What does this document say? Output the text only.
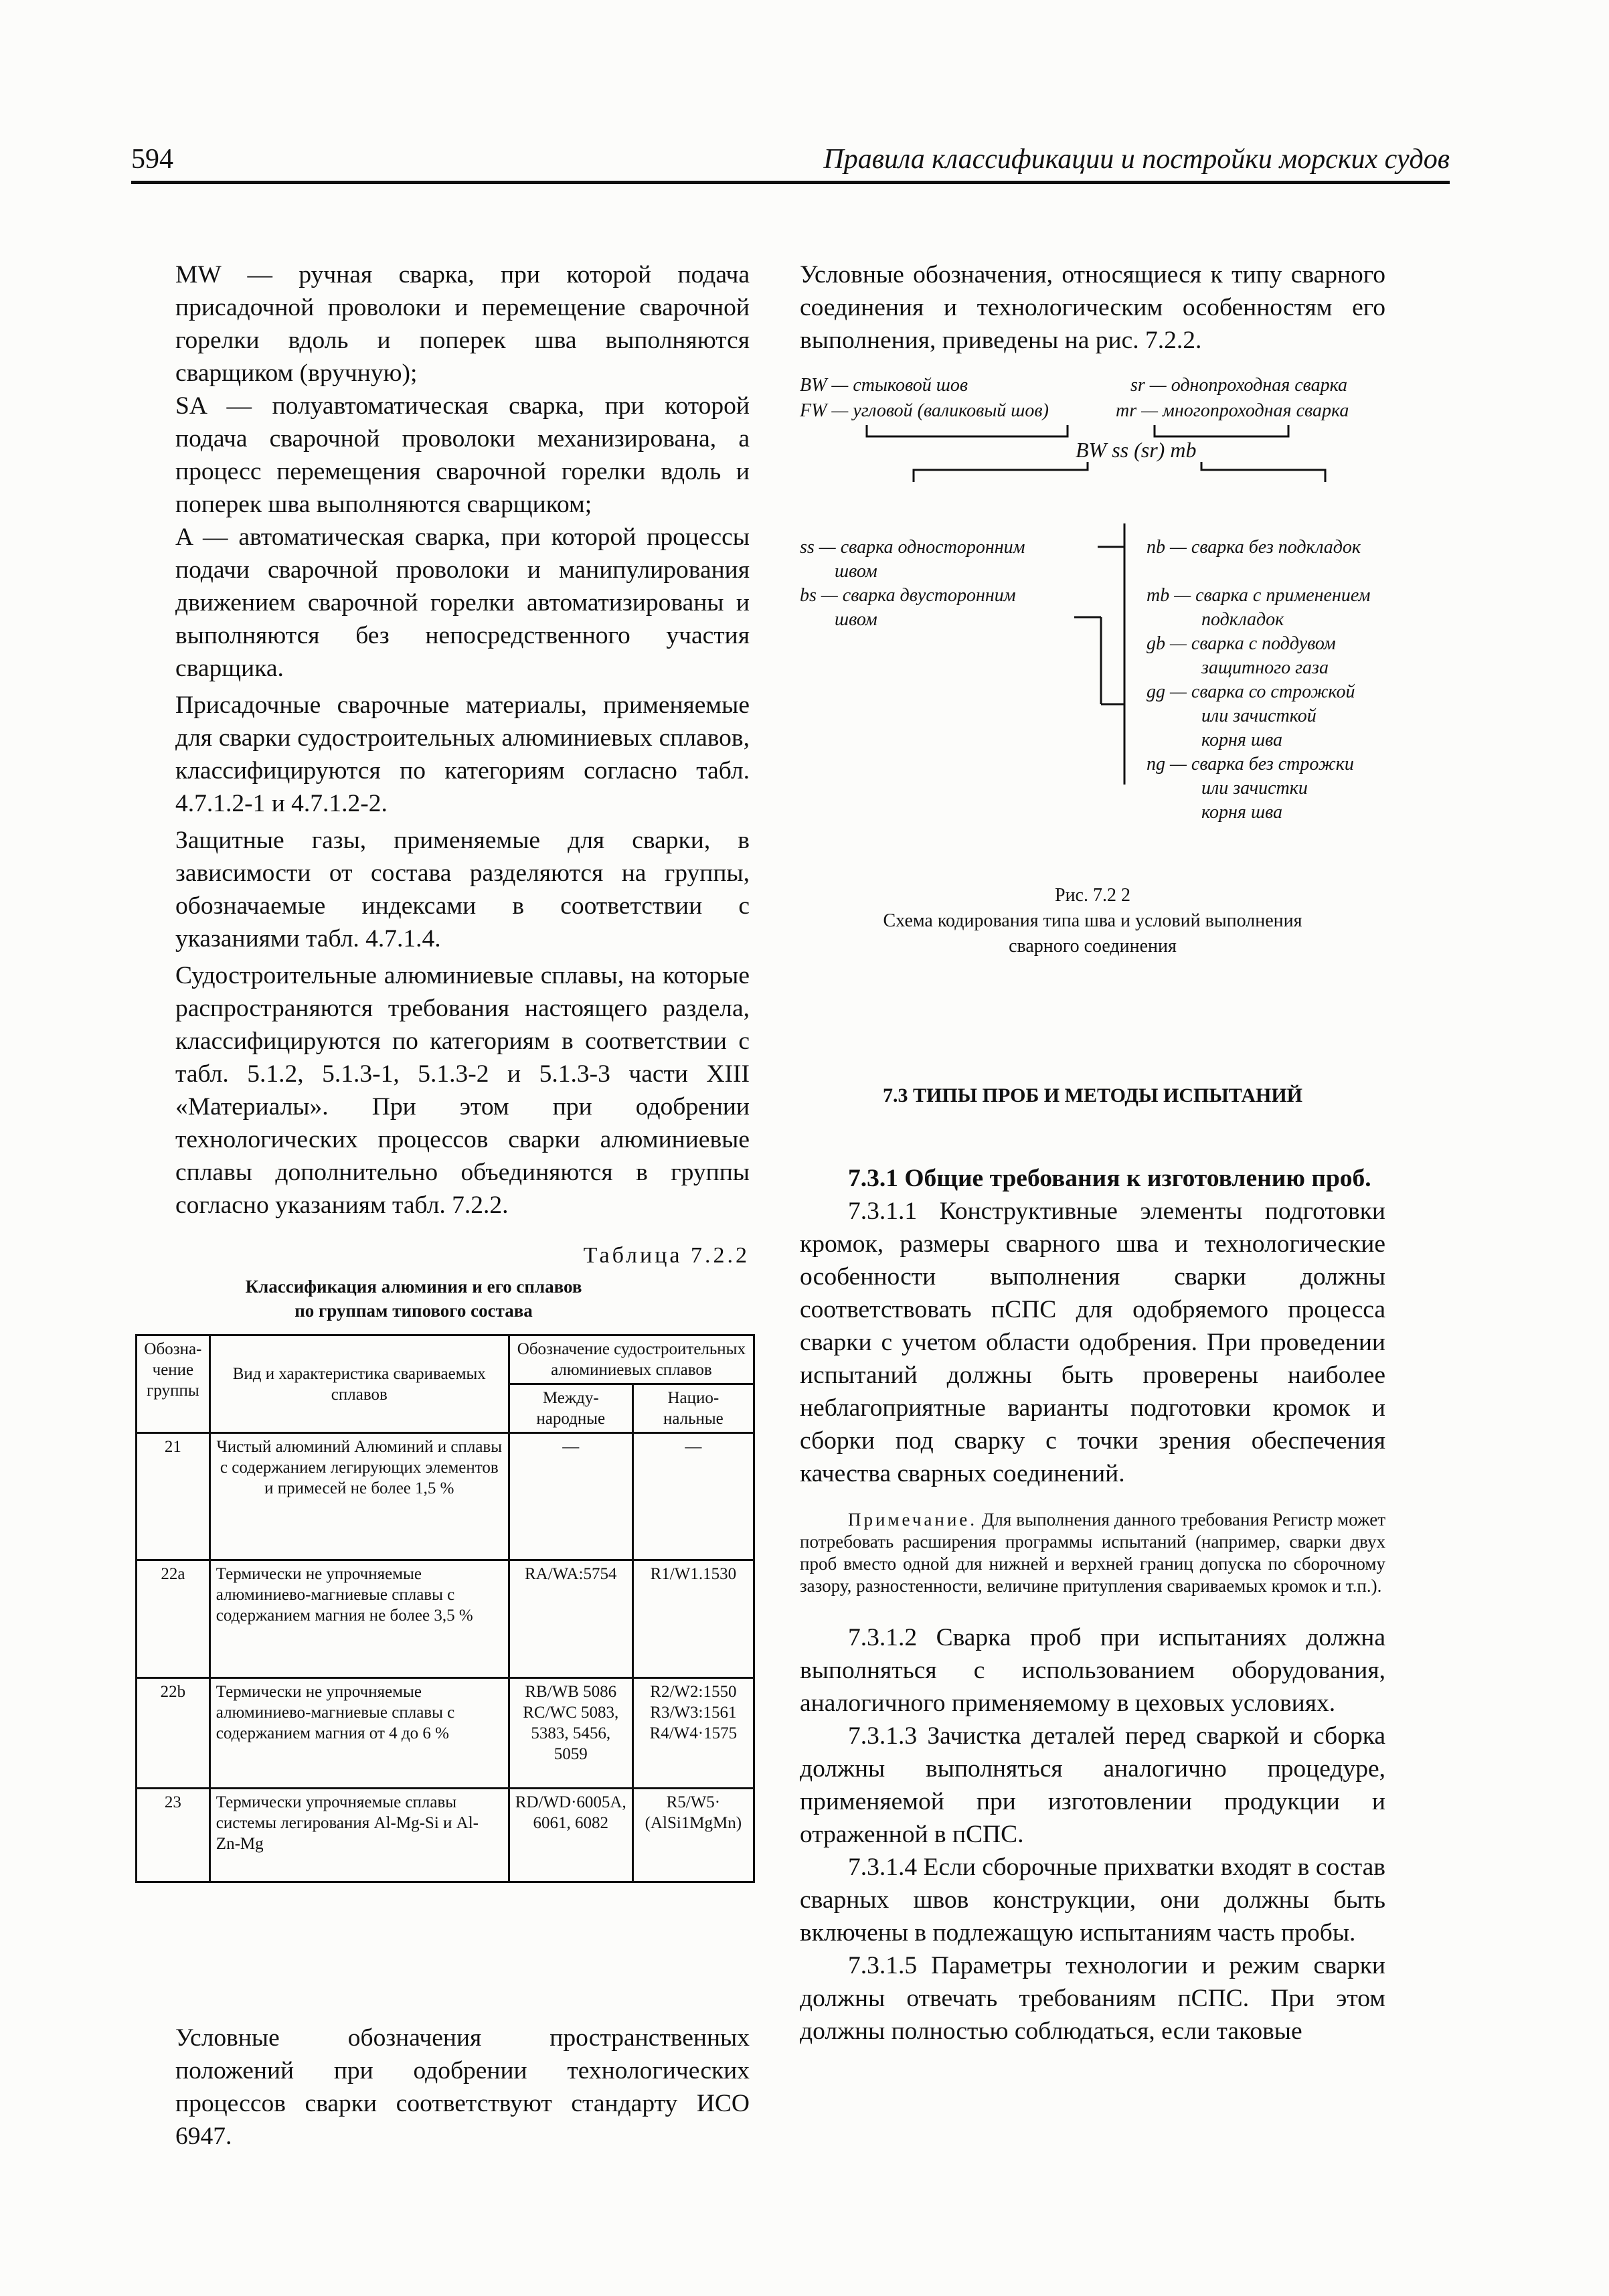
594	Правила классификации и постройки морских судов

MW — ручная сварка, при которой подача присадочной проволоки и перемещение сварочной горелки вдоль и поперек шва выполняются сварщиком (вручную);

SA — полуавтоматическая сварка, при которой подача сварочной проволоки механизирована, а процесс перемещения сварочной горелки вдоль и поперек шва выполняются сварщиком;

A — автоматическая сварка, при которой процессы подачи сварочной проволоки и манипулирования движением сварочной горелки автоматизированы и выполняются без непосредственного участия сварщика.

Присадочные сварочные материалы, применяемые для сварки судостроительных алюминиевых сплавов, классифицируются по категориям согласно табл. 4.7.1.2-1 и 4.7.1.2-2.

Защитные газы, применяемые для сварки, в зависимости от состава разделяются на группы, обозначаемые индексами в соответствии с указаниями табл. 4.7.1.4.

Судостроительные алюминиевые сплавы, на которые распространяются требования настоящего раздела, классифицируются по категориям в соответствии с табл. 5.1.2, 5.1.3-1, 5.1.3-2 и 5.1.3-3 части XIII «Материалы». При этом при одобрении технологических процессов сварки алюминиевые сплавы дополнительно объединяются в группы согласно указаниям табл. 7.2.2.

Таблица 7.2.2
Классификация алюминия и его сплавов
по группам типового состава
Обозна-чение группы	Вид и характеристика свариваемых сплавов	Обозначение судостроительных алюминиевых сплавов	
		Между-народные	Нацио-нальные
21	Чистый алюминий Алюминий и сплавы с содержанием легирующих элементов и примесей не более 1,5 %	—	—
22a	Термически не упрочняемые алюминиево-магниевые сплавы с содержанием магния не более 3,5 %	RA/WA:5754	R1/W1.1530
22b	Термически не упрочняемые алюминиево-магниевые сплавы с содержанием магния от 4 до 6 %	RB/WB 5086 RC/WC 5083, 5383, 5456, 5059	R2/W2:1550 R3/W3:1561 R4/W4·1575
23	Термически упрочняемые сплавы системы легирования Al-Mg-Si и Al-Zn-Mg	RD/WD·6005A, 6061, 6082	R5/W5· (AlSi1MgMn)
Условные обозначения пространственных положений при одобрении технологических процессов сварки соответствуют стандарту ИСО 6947.
Условные обозначения, относящиеся к типу сварного соединения и технологическим особенностям его выполнения, приведены на рис. 7.2.2.
BW — стыковой шов
FW — угловой (валиковый шов)
sr — однопроходная сварка
mr — многопроходная сварка
BW ss (sr) mb
ss — сварка односторонним
швом
bs — сварка двусторонним
швом
nb — сварка без подкладок
mb — сварка с применением
подкладок
gb — сварка с поддувом
защитного газа
gg — сварка со строжкой
или зачисткой
корня шва
ng — сварка без строжки
или зачистки
корня шва
Рис. 7.2 2
Схема кодирования типа шва и условий выполнения
сварного соединения
7.3 ТИПЫ ПРОБ И МЕТОДЫ ИСПЫТАНИЙ

7.3.1 Общие требования к изготовлению проб.

7.3.1.1 Конструктивные элементы подготовки кромок, размеры сварного шва и технологические особенности выполнения сварки должны соответствовать пСПС для одобряемого процесса сварки с учетом области одобрения. При проведении испытаний должны быть проверены наиболее неблагоприятные варианты подготовки кромок и сборки под сварку с точки зрения обеспечения качества сварных соединений.

Примечание. Для выполнения данного требования Регистр может потребовать расширения программы испытаний (например, сварки двух проб вместо одной для нижней и верхней границ допуска по сборочному зазору, разностенности, величине притупления свариваемых кромок и т.п.).

7.3.1.2 Сварка проб при испытаниях должна выполняться с использованием оборудования, аналогичного применяемому в цеховых условиях.

7.3.1.3 Зачистка деталей перед сваркой и сборка должны выполняться аналогично процедуре, применяемой при изготовлении продукции и отраженной в пСПС.

7.3.1.4 Если сборочные прихватки входят в состав сварных швов конструкции, они должны быть включены в подлежащую испытаниям часть пробы.

7.3.1.5 Параметры технологии и режим сварки должны отвечать требованиям пСПС. При этом должны полностью соблюдаться, если таковые
